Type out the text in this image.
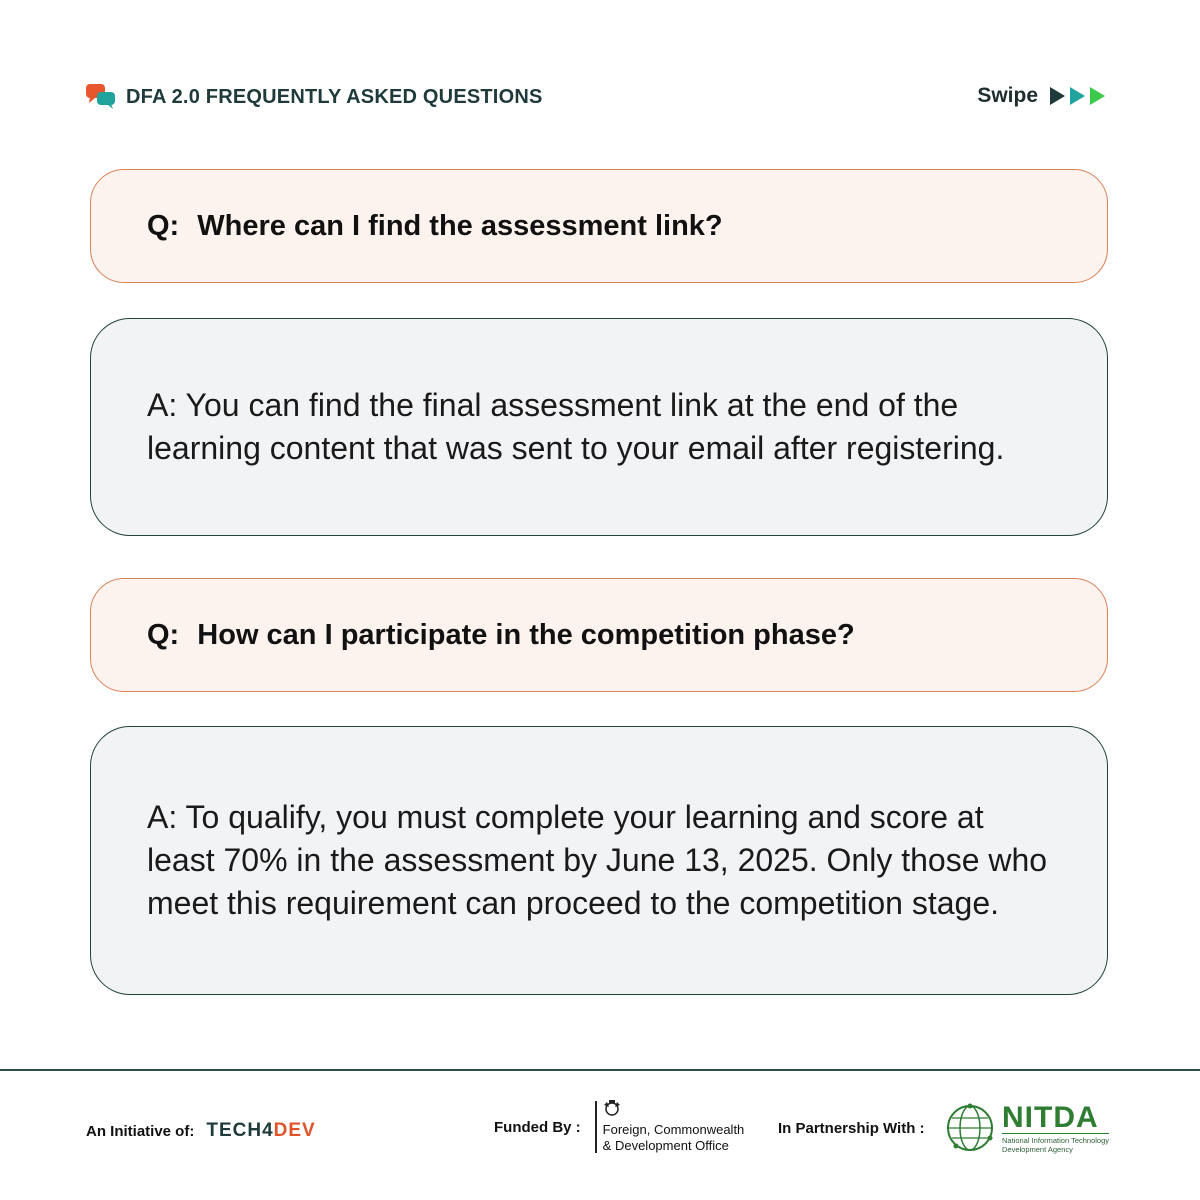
DFA 2.0 FREQUENTLY ASKED QUESTIONS	Swipe
Q: Where can I find the assessment link?
A: You can find the final assessment link at the end of the learning content that was sent to your email after registering.
Q: How can I participate in the competition phase?
A: To qualify, you must complete your learning and score at least 70% in the assessment by June 13, 2025. Only those who meet this requirement can proceed to the competition stage.
An Initiative of: TECH4DEV	Funded By : Foreign, Commonwealth
& Development Office
In Partnership With :	NITDA
National Information Technology
Development Agency
